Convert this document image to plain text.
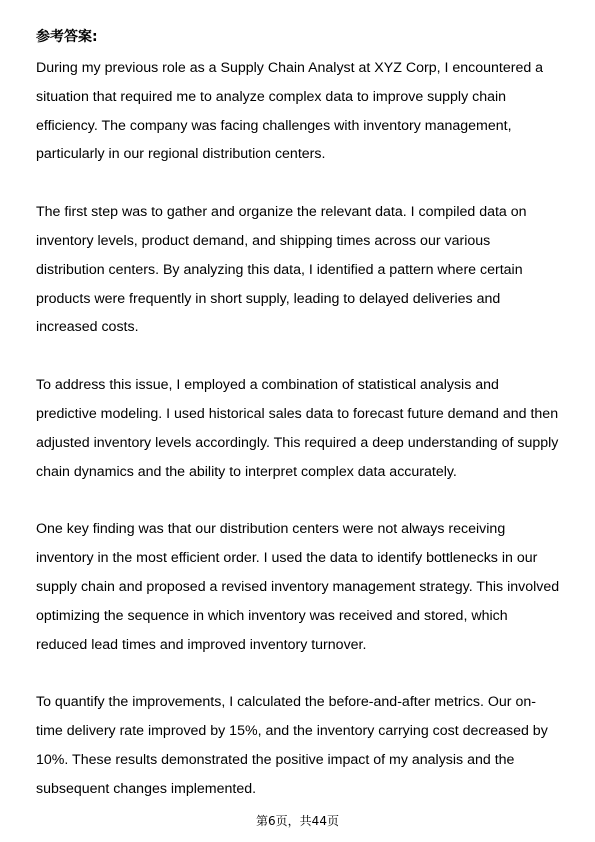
参考答案:

During my previous role as a Supply Chain Analyst at XYZ Corp, I encountered a situation that required me to analyze complex data to improve supply chain efficiency. The company was facing challenges with inventory management, particularly in our regional distribution centers.

The first step was to gather and organize the relevant data. I compiled data on inventory levels, product demand, and shipping times across our various distribution centers. By analyzing this data, I identified a pattern where certain products were frequently in short supply, leading to delayed deliveries and increased costs.

To address this issue, I employed a combination of statistical analysis and predictive modeling. I used historical sales data to forecast future demand and then adjusted inventory levels accordingly. This required a deep understanding of supply chain dynamics and the ability to interpret complex data accurately.

One key finding was that our distribution centers were not always receiving inventory in the most efficient order. I used the data to identify bottlenecks in our supply chain and proposed a revised inventory management strategy. This involved optimizing the sequence in which inventory was received and stored, which reduced lead times and improved inventory turnover.

To quantify the improvements, I calculated the before-and-after metrics. Our on-time delivery rate improved by 15%, and the inventory carrying cost decreased by 10%. These results demonstrated the positive impact of my analysis and the subsequent changes implemented.

第6页，共44页
